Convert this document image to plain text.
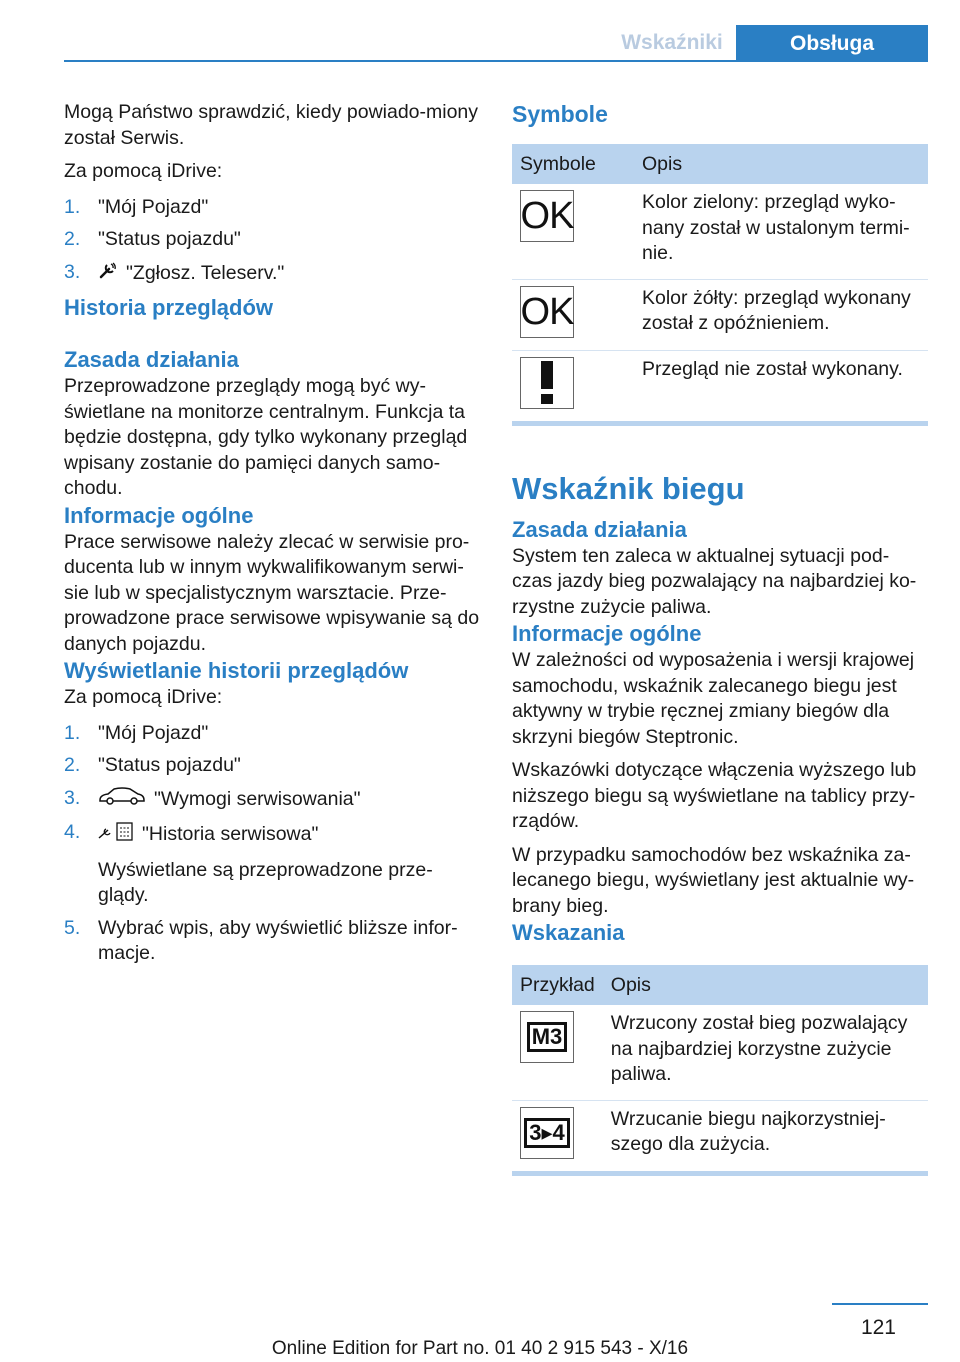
Wskaźniki	Obsługa

Mogą Państwo sprawdzić, kiedy powiado-miony został Serwis.

Za pomocą iDrive:

1. "Mój Pojazd"
2. "Status pojazdu"
3. "Zgłosz. Teleserv."
Historia przeglądów
Zasada działania

Przeprowadzone przeglądy mogą być wy-świetlane na monitorze centralnym. Funkcja ta będzie dostępna, gdy tylko wykonany przegląd wpisany zostanie do pamięci danych samo-chodu.

Informacje ogólne

Prace serwisowe należy zlecać w serwisie pro-ducenta lub w innym wykwalifikowanym serwi-sie lub w specjalistycznym warsztacie. Prze-prowadzone prace serwisowe wpisywanie są do danych pojazdu.

Wyświetlanie historii przeglądów

Za pomocą iDrive:

1. "Mój Pojazd"
2. "Status pojazdu"
3.	"Wymogi serwisowania"
4.	"Historia serwisowa"
Wyświetlane są przeprowadzone prze-glądy.
5. Wybrać wpis, aby wyświetlić bliższe infor-macje.
Symbole
Symbole	Opis

OK	Kolor zielony: przegląd wyko-nany został w ustalonym termi-nie.

OK	Kolor żółty: przegląd wykonany został z opóźnieniem.

	Przegląd nie został wykonany.
Wskaźnik biegu
Zasada działania

System ten zaleca w aktualnej sytuacji pod-czas jazdy bieg pozwalający na najbardziej ko-rzystne zużycie paliwa.

Informacje ogólne

W zależności od wyposażenia i wersji krajowej samochodu, wskaźnik zalecanego biegu jest aktywny w trybie ręcznej zmiany biegów dla skrzyni biegów Steptronic.

Wskazówki dotyczące włączenia wyższego lub niższego biegu są wyświetlane na tablicy przy-rządów.

W przypadku samochodów bez wskaźnika za-lecanego biegu, wyświetlany jest aktualnie wy-brany bieg.

Wskazania
Przykład	Opis

M3	Wrzucony został bieg pozwalający na najbardziej korzystne zużycie paliwa.

3▸4	Wrzucanie biegu najkorzystniej-szego dla zużycia.
121
Online Edition for Part no. 01 40 2 915 543 - X/16
